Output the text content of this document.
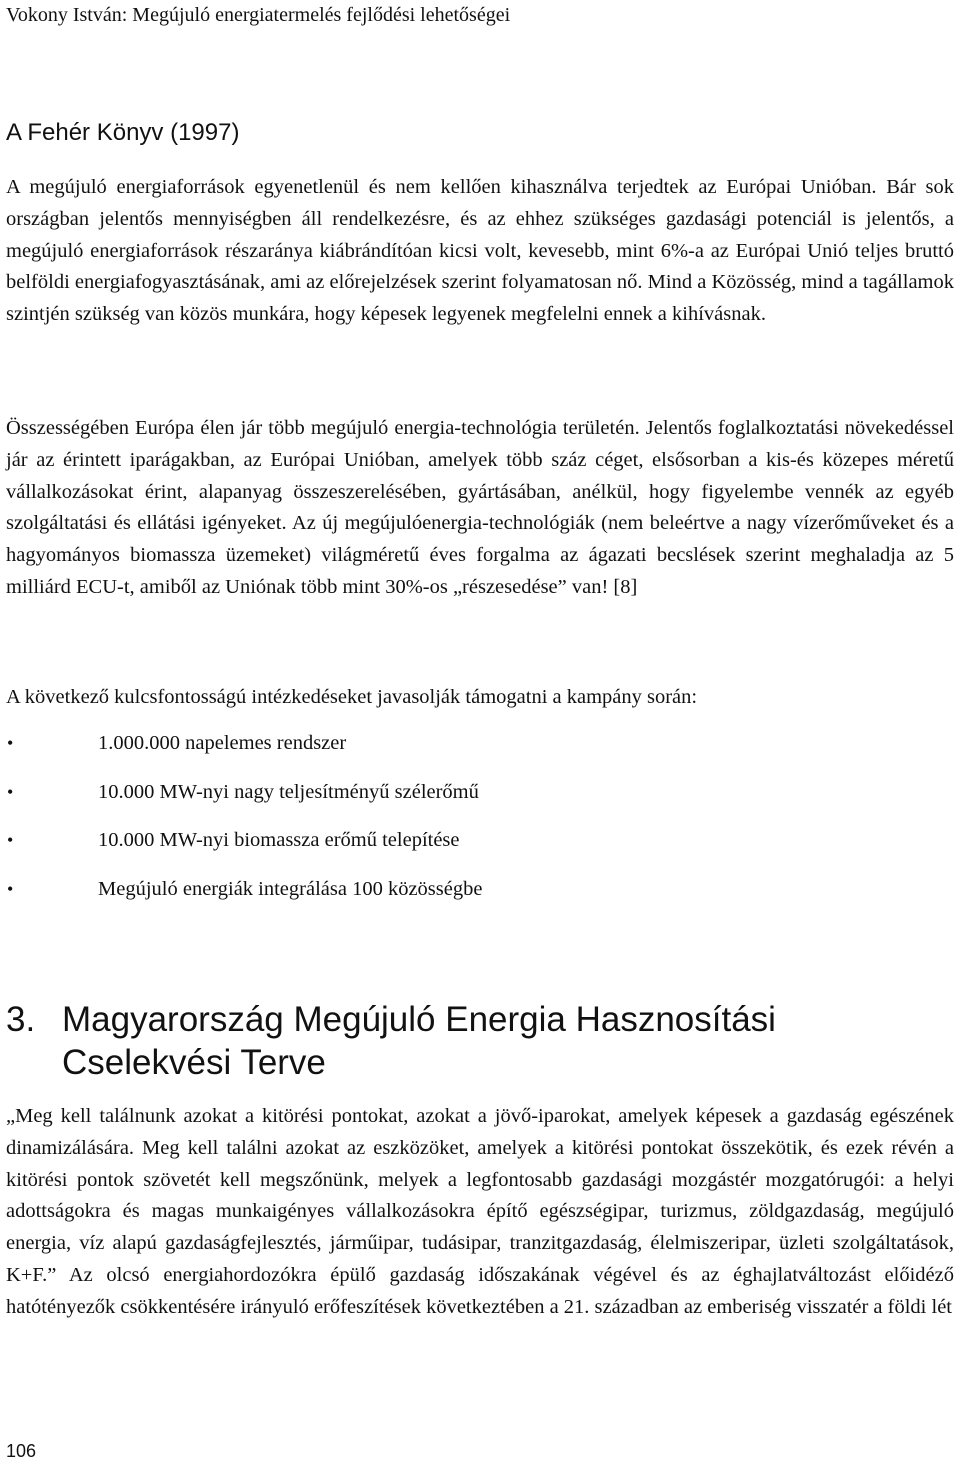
Vokony István: Megújuló energiatermelés fejlődési lehetőségei
A Fehér Könyv (1997)

A megújuló energiaforrások egyenetlenül és nem kellően kihasználva terjedtek az Európai Unióban. Bár sok országban jelentős mennyiségben áll rendelkezésre, és az ehhez szükséges gazdasági potenciál is jelentős, a megújuló energiaforrások részaránya kiábrándítóan kicsi volt, kevesebb, mint 6%-a az Európai Unió teljes bruttó belföldi energiafogyasztásának, ami az előrejelzések szerint folyamatosan nő. Mind a Közösség, mind a tagállamok szintjén szükség van közös munkára, hogy képesek legyenek megfelelni ennek a kihívásnak.

Összességében Európa élen jár több megújuló energia-technológia területén. Jelentős foglalkoztatási növekedéssel jár az érintett iparágakban, az Európai Unióban, amelyek több száz céget, elsősorban a kis-és közepes méretű vállalkozásokat érint, alapanyag összeszerelésében, gyártásában, anélkül, hogy figyelembe vennék az egyéb szolgáltatási és ellátási igényeket. Az új megújulóenergia-technológiák (nem beleértve a nagy vízerőműveket és a hagyományos biomassza üzemeket) világméretű éves forgalma az ágazati becslések szerint meghaladja az 5 milliárd ECU-t, amiből az Uniónak több mint 30%-os „részesedése” van! [8]

A következő kulcsfontosságú intézkedéseket javasolják támogatni a kampány során:

•	1.000.000 napelemes rendszer
•	10.000 MW-nyi nagy teljesítményű szélerőmű
•	10.000 MW-nyi biomassza erőmű telepítése
•	Megújuló energiák integrálása 100 közösségbe
3. Magyarország Megújuló Energia Hasznosítási Cselekvési Terve

„Meg kell találnunk azokat a kitörési pontokat, azokat a jövő-iparokat, amelyek képesek a gazdaság egészének dinamizálására. Meg kell találni azokat az eszközöket, amelyek a kitörési pontokat összekötik, és ezek révén a kitörési pontok szövetét kell megszőnünk, melyek a legfontosabb gazdasági mozgástér mozgatórugói: a helyi adottságokra és magas munkaigényes vállalkozásokra építő egészségipar, turizmus, zöldgazdaság, megújuló energia, víz alapú gazdaságfejlesztés, járműipar, tudásipar, tranzitgazdaság, élelmiszeripar, üzleti szolgáltatások, K+F.” Az olcsó energiahordozókra épülő gazdaság időszakának végével és az éghajlatváltozást előidéző hatótényezők csökkentésére irányuló erőfeszítések következtében a 21. században az emberiség visszatér a földi lét

106
